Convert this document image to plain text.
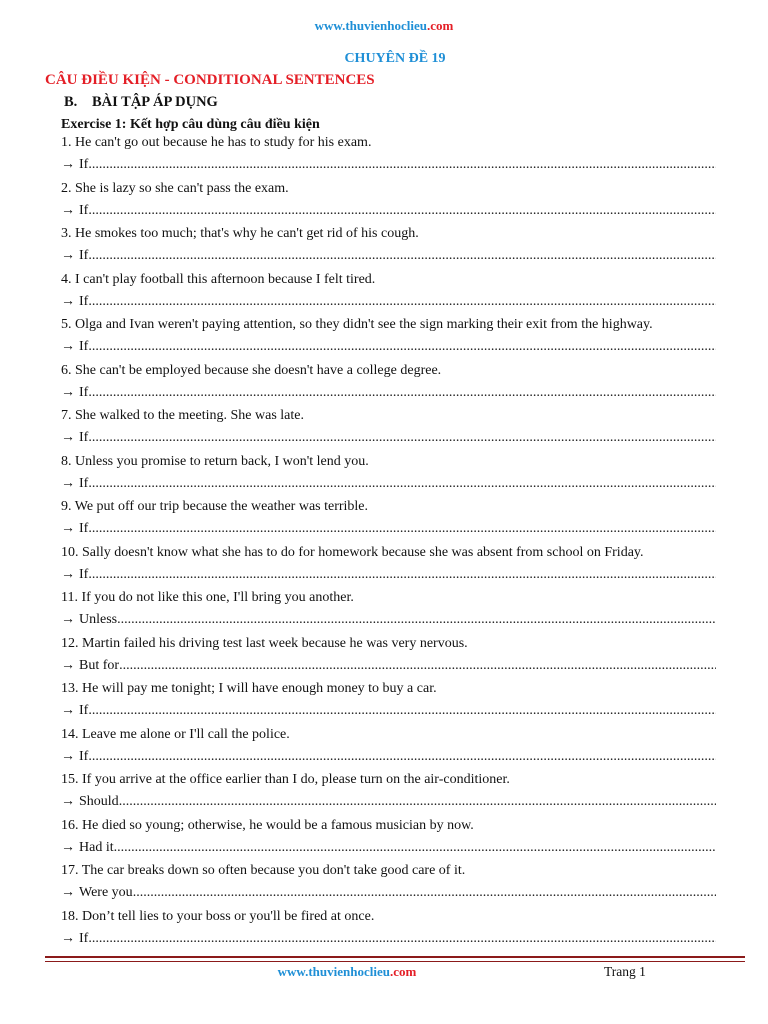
www.thuvienhoclieu.com
CHUYÊN ĐỀ 19
CÂU ĐIỀU KIỆN - CONDITIONAL SENTENCES
B. BÀI TẬP ÁP DỤNG
Exercise 1: Kết hợp câu dùng câu điều kiện
1. He can't go out because he has to study for his exam.
→ If
.....
2. She is lazy so she can't pass the exam.
→ If
.....
3. He smokes too much; that's why he can't get rid of his cough.
→ If
.....
4. I can't play football this afternoon because I felt tired.
→ If
.....
5. Olga and Ivan weren't paying attention, so they didn't see the sign marking their exit from the highway.
→ If
.....
6. She can't be employed because she doesn't have a college degree.
→ If
.....
7. She walked to the meeting. She was late.
→ If
.....
8. Unless you promise to return back, I won't lend you.
→ If
.....
9. We put off our trip because the weather was terrible.
→ If
.....
10. Sally doesn't know what she has to do for homework because she was absent from school on Friday.
→ If
.....
11. If you do not like this one, I'll bring you another.
→ Unless
.....
12. Martin failed his driving test last week because he was very nervous.
→ But for
.....
13. He will pay me tonight; I will have enough money to buy a car.
→ If
.....
14. Leave me alone or I'll call the police.
→ If
.....
15. If you arrive at the office earlier than I do, please turn on the air-conditioner.
→ Should
.....
16. He died so young; otherwise, he would be a famous musician by now.
→ Had it
.....
17. The car breaks down so often because you don't take good care of it.
→ Were you
.....
18. Don’t tell lies to your boss or you'll be fired at once.
→ If
.....
www.thuvienhoclieu.com	Trang 1
